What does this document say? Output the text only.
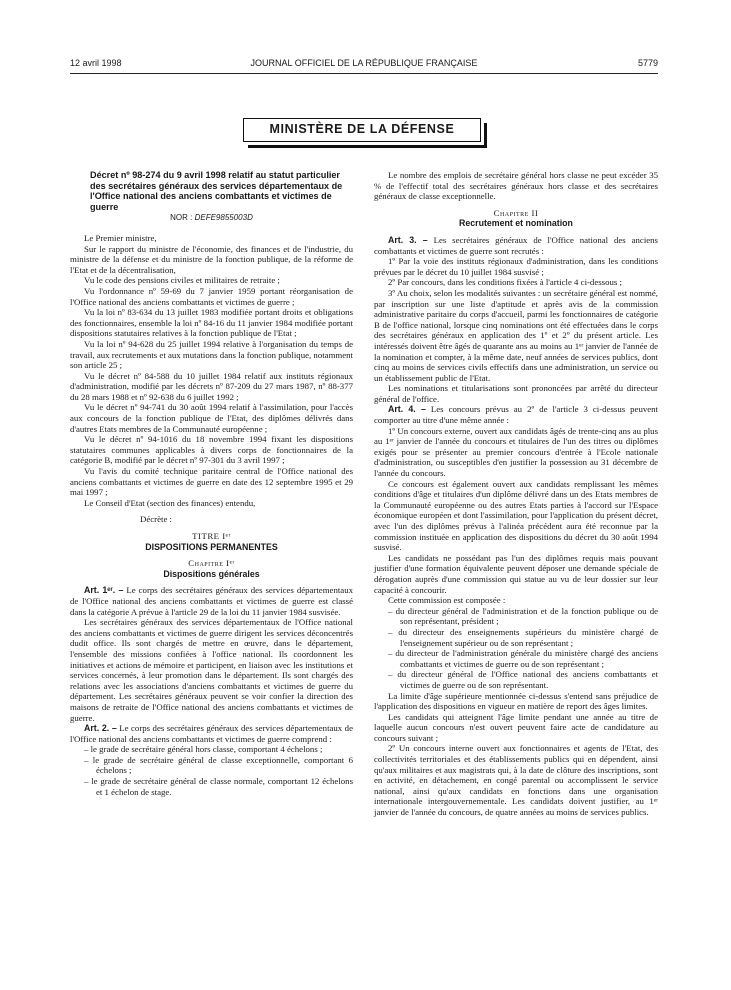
12 avril 1998	JOURNAL OFFICIEL DE LA RÉPUBLIQUE FRANÇAISE	5779
MINISTÈRE DE LA DÉFENSE

Décret nº 98-274 du 9 avril 1998 relatif au statut particulier des secrétaires généraux des services départementaux de l'Office national des anciens combattants et victimes de guerre

NOR : DEFE9855003D

Le Premier ministre,

Sur le rapport du ministre de l'économie, des finances et de l'industrie, du ministre de la défense et du ministre de la fonction publique, de la réforme de l'Etat et de la décentralisation,

Vu le code des pensions civiles et militaires de retraite ;

Vu l'ordonnance nº 59-69 du 7 janvier 1959 portant réorganisation de l'Office national des anciens combattants et victimes de guerre ;

Vu la loi nº 83-634 du 13 juillet 1983 modifiée portant droits et obligations des fonctionnaires, ensemble la loi nº 84-16 du 11 janvier 1984 modifiée portant dispositions statutaires relatives à la fonction publique de l'Etat ;

Vu la loi nº 94-628 du 25 juillet 1994 relative à l'organisation du temps de travail, aux recrutements et aux mutations dans la fonction publique, notamment son article 25 ;

Vu le décret nº 84-588 du 10 juillet 1984 relatif aux instituts régionaux d'administration, modifié par les décrets nº 87-209 du 27 mars 1987, nº 88-377 du 28 mars 1988 et nº 92-638 du 6 juillet 1992 ;

Vu le décret nº 94-741 du 30 août 1994 relatif à l'assimilation, pour l'accès aux concours de la fonction publique de l'Etat, des diplômes délivrés dans d'autres Etats membres de la Communauté européenne ;

Vu le décret nº 94-1016 du 18 novembre 1994 fixant les dispositions statutaires communes applicables à divers corps de fonctionnaires de la catégorie B, modifié par le décret nº 97-301 du 3 avril 1997 ;

Vu l'avis du comité technique paritaire central de l'Office national des anciens combattants et victimes de guerre en date des 12 septembre 1995 et 29 mai 1997 ;

Le Conseil d'Etat (section des finances) entendu,

Décrète :

TITRE Iᵉʳ

DISPOSITIONS PERMANENTES

Chapitre Iᵉʳ

Dispositions générales

Art. 1ᵉʳ. – Le corps des secrétaires généraux des services départementaux de l'Office national des anciens combattants et victimes de guerre est classé dans la catégorie A prévue à l'article 29 de la loi du 11 janvier 1984 susvisée.

Les secrétaires généraux des services départementaux de l'Office national des anciens combattants et victimes de guerre dirigent les services déconcentrés dudit office. Ils sont chargés de mettre en œuvre, dans le département, l'ensemble des missions confiées à l'office national. Ils coordonnent les initiatives et actions de mémoire et participent, en liaison avec les institutions et services concernés, à leur promotion dans le département. Ils sont chargés des relations avec les associations d'anciens combattants et victimes de guerre du département. Les secrétaires généraux peuvent se voir confier la direction des maisons de retraite de l'Office national des anciens combattants et victimes de guerre.

Art. 2. – Le corps des secrétaires généraux des services départementaux de l'Office national des anciens combattants et victimes de guerre comprend :

– le grade de secrétaire général hors classe, comportant 4 échelons ;

– le grade de secrétaire général de classe exceptionnelle, comportant 6 échelons ;

– le grade de secrétaire général de classe normale, comportant 12 échelons et 1 échelon de stage.

Le nombre des emplois de secrétaire général hors classe ne peut excéder 35 % de l'effectif total des secrétaires généraux hors classe et des secrétaires généraux de classe exceptionnelle.

Chapitre II

Recrutement et nomination

Art. 3. – Les secrétaires généraux de l'Office national des anciens combattants et victimes de guerre sont recrutés :

1º Par la voie des instituts régionaux d'administration, dans les conditions prévues par le décret du 10 juillet 1984 susvisé ;

2º Par concours, dans les conditions fixées à l'article 4 ci-dessous ;

3º Au choix, selon les modalités suivantes : un secrétaire général est nommé, par inscription sur une liste d'aptitude et après avis de la commission administrative paritaire du corps d'accueil, parmi les fonctionnaires de catégorie B de l'office national, lorsque cinq nominations ont été effectuées dans le corps des secrétaires généraux en application des 1º et 2º du présent article. Les intéressés doivent être âgés de quarante ans au moins au 1ᵉʳ janvier de l'année de la nomination et compter, à la même date, neuf années de services publics, dont cinq au moins de services civils effectifs dans une administration, un service ou un établissement public de l'Etat.

Les nominations et titularisations sont prononcées par arrêté du directeur général de l'office.

Art. 4. – Les concours prévus au 2º de l'article 3 ci-dessus peuvent comporter au titre d'une même année :

1º Un concours externe, ouvert aux candidats âgés de trente-cinq ans au plus au 1ᵉʳ janvier de l'année du concours et titulaires de l'un des titres ou diplômes exigés pour se présenter au premier concours d'entrée à l'Ecole nationale d'administration, ou susceptibles d'en justifier la possession au 31 décembre de l'année du concours.

Ce concours est également ouvert aux candidats remplissant les mêmes conditions d'âge et titulaires d'un diplôme délivré dans un des Etats membres de la Communauté européenne ou des autres Etats parties à l'accord sur l'Espace économique européen et dont l'assimilation, pour l'application du présent décret, avec l'un des diplômes prévus à l'alinéa précédent aura été reconnue par la commission instituée en application des dispositions du décret du 30 août 1994 susvisé.

Les candidats ne possédant pas l'un des diplômes requis mais pouvant justifier d'une formation équivalente peuvent déposer une demande spéciale de dérogation auprès d'une commission qui statue au vu de leur dossier sur leur capacité à concourir.

Cette commission est composée :

– du directeur général de l'administration et de la fonction publique ou de son représentant, président ;

– du directeur des enseignements supérieurs du ministère chargé de l'enseignement supérieur ou de son représentant ;

– du directeur de l'administration générale du ministère chargé des anciens combattants et victimes de guerre ou de son représentant ;

– du directeur général de l'Office national des anciens combattants et victimes de guerre ou de son représentant.

La limite d'âge supérieure mentionnée ci-dessus s'entend sans préjudice de l'application des dispositions en vigueur en matière de report des âges limites.

Les candidats qui atteignent l'âge limite pendant une année au titre de laquelle aucun concours n'est ouvert peuvent faire acte de candidature au concours suivant ;

2º Un concours interne ouvert aux fonctionnaires et agents de l'Etat, des collectivités territoriales et des établissements publics qui en dépendent, ainsi qu'aux militaires et aux magistrats qui, à la date de clôture des inscriptions, sont en activité, en détachement, en congé parental ou accomplissent le service national, ainsi qu'aux candidats en fonctions dans une organisation internationale intergouvernementale. Les candidats doivent justifier, au 1ᵉʳ janvier de l'année du concours, de quatre années au moins de services publics.
